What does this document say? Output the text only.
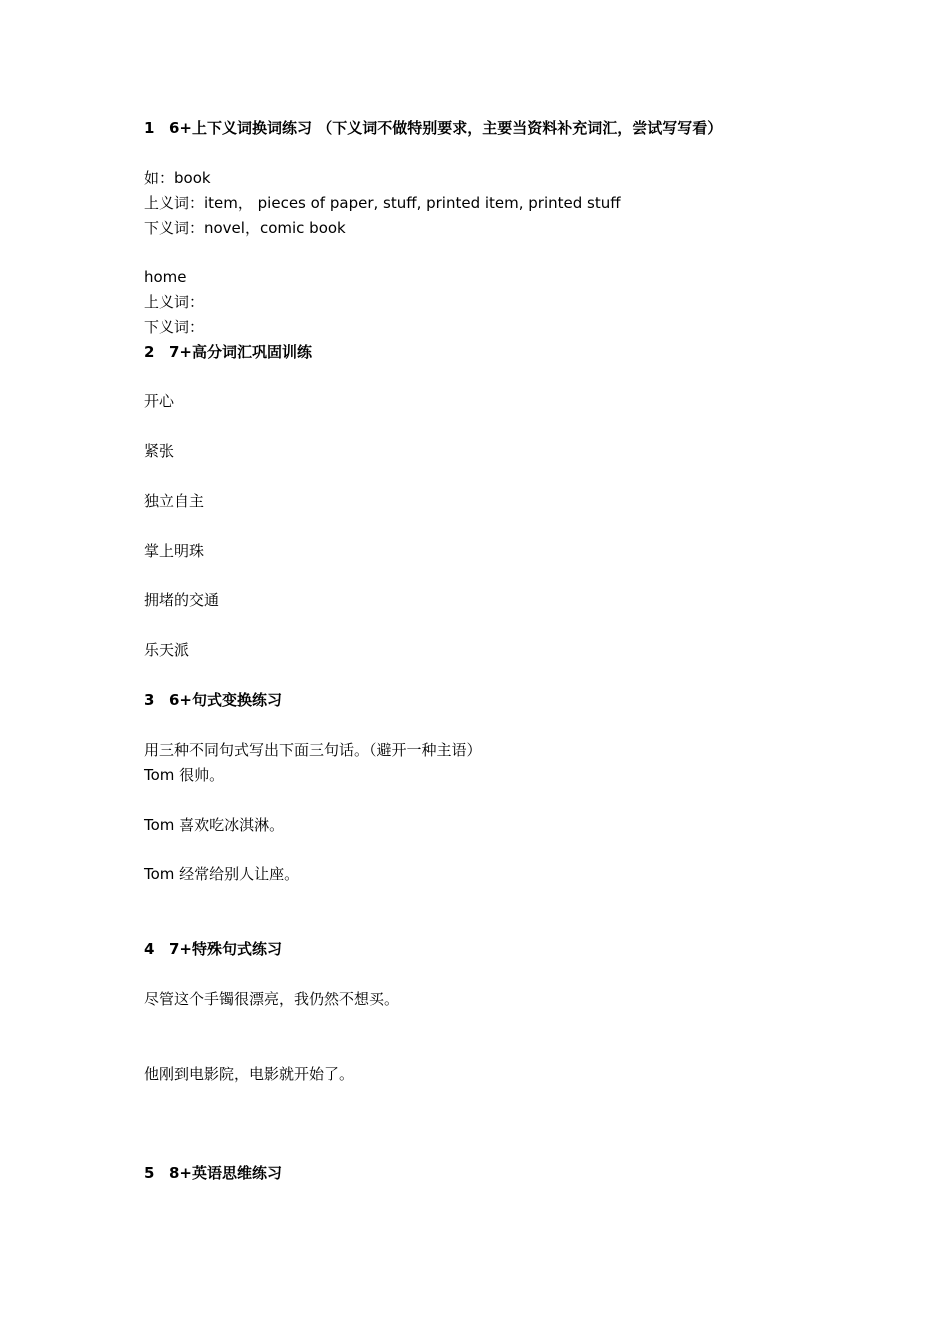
1 6+上下义词换词练习 （下义词不做特别要求，主要当资料补充词汇，尝试写写看）
如：book
上义词：item， pieces of paper, stuff, printed item, printed stuff
下义词：novel，comic book
home
上义词：
下义词：
2 7+高分词汇巩固训练
开心
紧张
独立自主
掌上明珠
拥堵的交通
乐天派
3 6+句式变换练习
用三种不同句式写出下面三句话。（避开一种主语）
Tom 很帅。
Tom 喜欢吃冰淇淋。
Tom 经常给别人让座。
4 7+特殊句式练习
尽管这个手镯很漂亮，我仍然不想买。
他刚到电影院，电影就开始了。
5 8+英语思维练习
